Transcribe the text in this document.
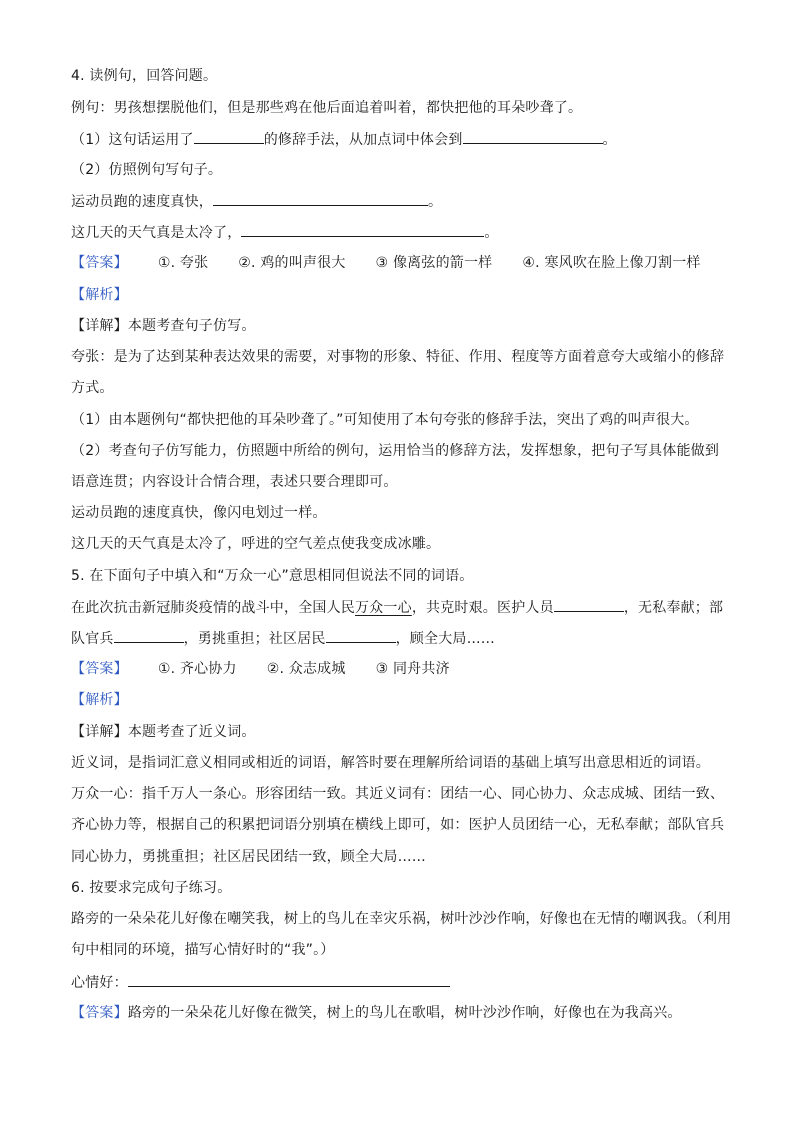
4. 读例句，回答问题。
例句：男孩想摆脱他们，但是那些鸡在他后面追着叫着，都快把他的耳朵吵聋了。
（1）这句话运用了	的修辞手法，从加点词中体会到	。
（2）仿照例句写句子。
运动员跑的速度真快，	。
这几天的天气真是太冷了，	。
【答案】 ①. 夸张 ②. 鸡的叫声很大 ③ 像离弦的箭一样 ④. 寒风吹在脸上像刀割一样
【解析】
【详解】本题考查句子仿写。
夸张：是为了达到某种表达效果的需要，对事物的形象、特征、作用、程度等方面着意夸大或缩小的修辞
方式。
（1）由本题例句“都快把他的耳朵吵聋了。”可知使用了本句夸张的修辞手法，突出了鸡的叫声很大。
（2）考查句子仿写能力，仿照题中所给的例句，运用恰当的修辞方法，发挥想象，把句子写具体能做到
语意连贯；内容设计合情合理，表述只要合理即可。
运动员跑的速度真快，像闪电划过一样。
这几天的天气真是太冷了，呼进的空气差点使我变成冰雕。
5. 在下面句子中填入和“万众一心”意思相同但说法不同的词语。
在此次抗击新冠肺炎疫情的战斗中，全国人民万众一心，共克时艰。医护人员	，无私奉献；部
队官兵	，勇挑重担；社区居民	，顾全大局……
【答案】 ①. 齐心协力 ②. 众志成城 ③ 同舟共济
【解析】
【详解】本题考查了近义词。
近义词，是指词汇意义相同或相近的词语，解答时要在理解所给词语的基础上填写出意思相近的词语。
万众一心：指千万人一条心。形容团结一致。其近义词有：团结一心、同心协力、众志成城、团结一致、
齐心协力等，根据自己的积累把词语分别填在横线上即可，如：医护人员团结一心，无私奉献；部队官兵
同心协力，勇挑重担；社区居民团结一致，顾全大局……
6. 按要求完成句子练习。
路旁的一朵朵花儿好像在嘲笑我，树上的鸟儿在幸灾乐祸，树叶沙沙作响，好像也在无情的嘲讽我。（利用
句中相同的环境，描写心情好时的“我”。）
心情好：
【答案】路旁的一朵朵花儿好像在微笑，树上的鸟儿在歌唱，树叶沙沙作响，好像也在为我高兴。
